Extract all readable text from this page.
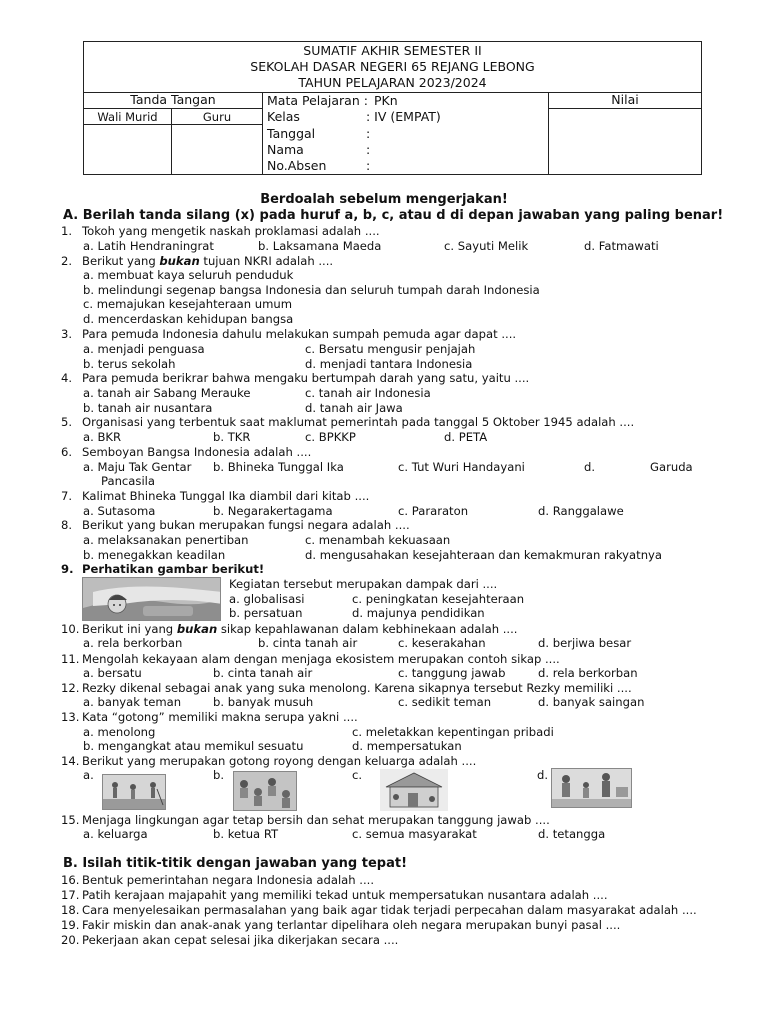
SUMATIF AKHIR SEMESTER II
SEKOLAH DASAR NEGERI 65 REJANG LEBONG
TAHUN PELAJARAN 2023/2024
Tanda Tangan
Wali Murid	Guru
Nilai
Mata Pelajaran : PKn
Kelas	: IV (EMPAT)
Tanggal	:
Nama	:
No.Absen	:
Berdoalah sebelum mengerjakan!
A. Berilah tanda silang (x) pada huruf a, b, c, atau d di depan jawaban yang paling benar!
1. Tokoh yang mengetik naskah proklamasi adalah ....
a. Latih Hendraningrat	b. Laksamana Maeda	c. Sayuti Melik	d. Fatmawati
2. Berikut yang bukan tujuan NKRI adalah ....
a. membuat kaya seluruh penduduk
b. melindungi segenap bangsa Indonesia dan seluruh tumpah darah Indonesia
c. memajukan kesejahteraan umum
d. mencerdaskan kehidupan bangsa
3. Para pemuda Indonesia dahulu melakukan sumpah pemuda agar dapat ....
a. menjadi penguasa	c. Bersatu mengusir penjajah
b. terus sekolah	d. menjadi tantara Indonesia
4. Para pemuda berikrar bahwa mengaku bertumpah darah yang satu, yaitu ....
a. tanah air Sabang Merauke	c. tanah air Indonesia
b. tanah air nusantara	d. tanah air Jawa
5. Organisasi yang terbentuk saat maklumat pemerintah pada tanggal 5 Oktober 1945 adalah ....
a. BKR	b. TKR	c. BPKKP	d. PETA
6. Semboyan Bangsa Indonesia adalah ....
a. Maju Tak Gentar b. Bhineka Tunggal Ika	c. Tut Wuri Handayani	d.	Garuda
Pancasila
7. Kalimat Bhineka Tunggal Ika diambil dari kitab ....
a. Sutasoma	b. Negarakertagama	c. Pararaton	d. Ranggalawe
8. Berikut yang bukan merupakan fungsi negara adalah ....
a. melaksanakan penertiban	c. menambah kekuasaan
b. menegakkan keadilan	d. mengusahakan kesejahteraan dan kemakmuran rakyatnya
9. Perhatikan gambar berikut!
Kegiatan tersebut merupakan dampak dari ....
a. globalisasi	c. peningkatan kesejahteraan
b. persatuan	d. majunya pendidikan
10. Berikut ini yang bukan sikap kepahlawanan dalam kebhinekaan adalah ....
a. rela berkorban	b. cinta tanah air	c. keserakahan	d. berjiwa besar
11. Mengolah kekayaan alam dengan menjaga ekosistem merupakan contoh sikap ....
a. bersatu	b. cinta tanah air	c. tanggung jawab	d. rela berkorban
12. Rezky dikenal sebagai anak yang suka menolong. Karena sikapnya tersebut Rezky memiliki ....
a. banyak teman	b. banyak musuh	c. sedikit teman	d. banyak saingan
13. Kata “gotong” memiliki makna serupa yakni ....
a. menolong	c. meletakkan kepentingan pribadi
b. mengangkat atau memikul sesuatu	d. mempersatukan
14. Berikut yang merupakan gotong royong dengan keluarga adalah ....
a.	b.	c.	d.
15. Menjaga lingkungan agar tetap bersih dan sehat merupakan tanggung jawab ....
a. keluarga	b. ketua RT	c. semua masyarakat	d. tetangga
B. Isilah titik-titik dengan jawaban yang tepat!
16. Bentuk pemerintahan negara Indonesia adalah ....
17. Patih kerajaan majapahit yang memiliki tekad untuk mempersatukan nusantara adalah ....
18. Cara menyelesaikan permasalahan yang baik agar tidak terjadi perpecahan dalam masyarakat adalah ....
19. Fakir miskin dan anak-anak yang terlantar dipelihara oleh negara merupakan bunyi pasal ....
20. Pekerjaan akan cepat selesai jika dikerjakan secara ....
